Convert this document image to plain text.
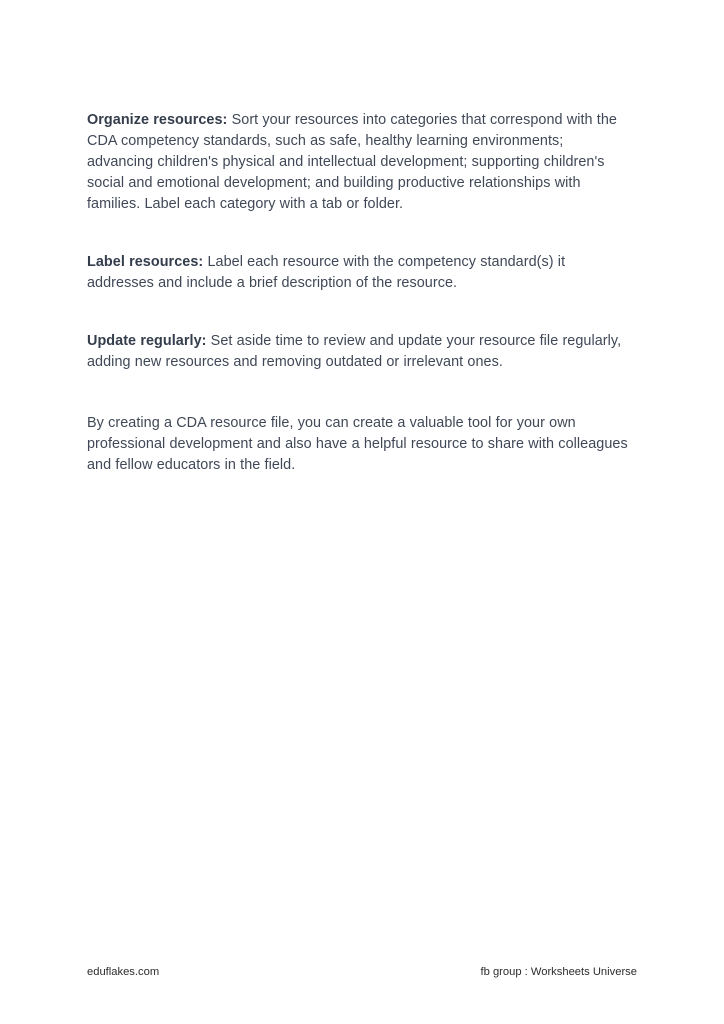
Organize resources: Sort your resources into categories that correspond with the CDA competency standards, such as safe, healthy learning environments; advancing children's physical and intellectual development; supporting children's social and emotional development; and building productive relationships with families. Label each category with a tab or folder.

Label resources: Label each resource with the competency standard(s) it addresses and include a brief description of the resource.

Update regularly: Set aside time to review and update your resource file regularly, adding new resources and removing outdated or irrelevant ones.

By creating a CDA resource file, you can create a valuable tool for your own professional development and also have a helpful resource to share with colleagues and fellow educators in the field.

eduflakes.com	fb group : Worksheets Universe
